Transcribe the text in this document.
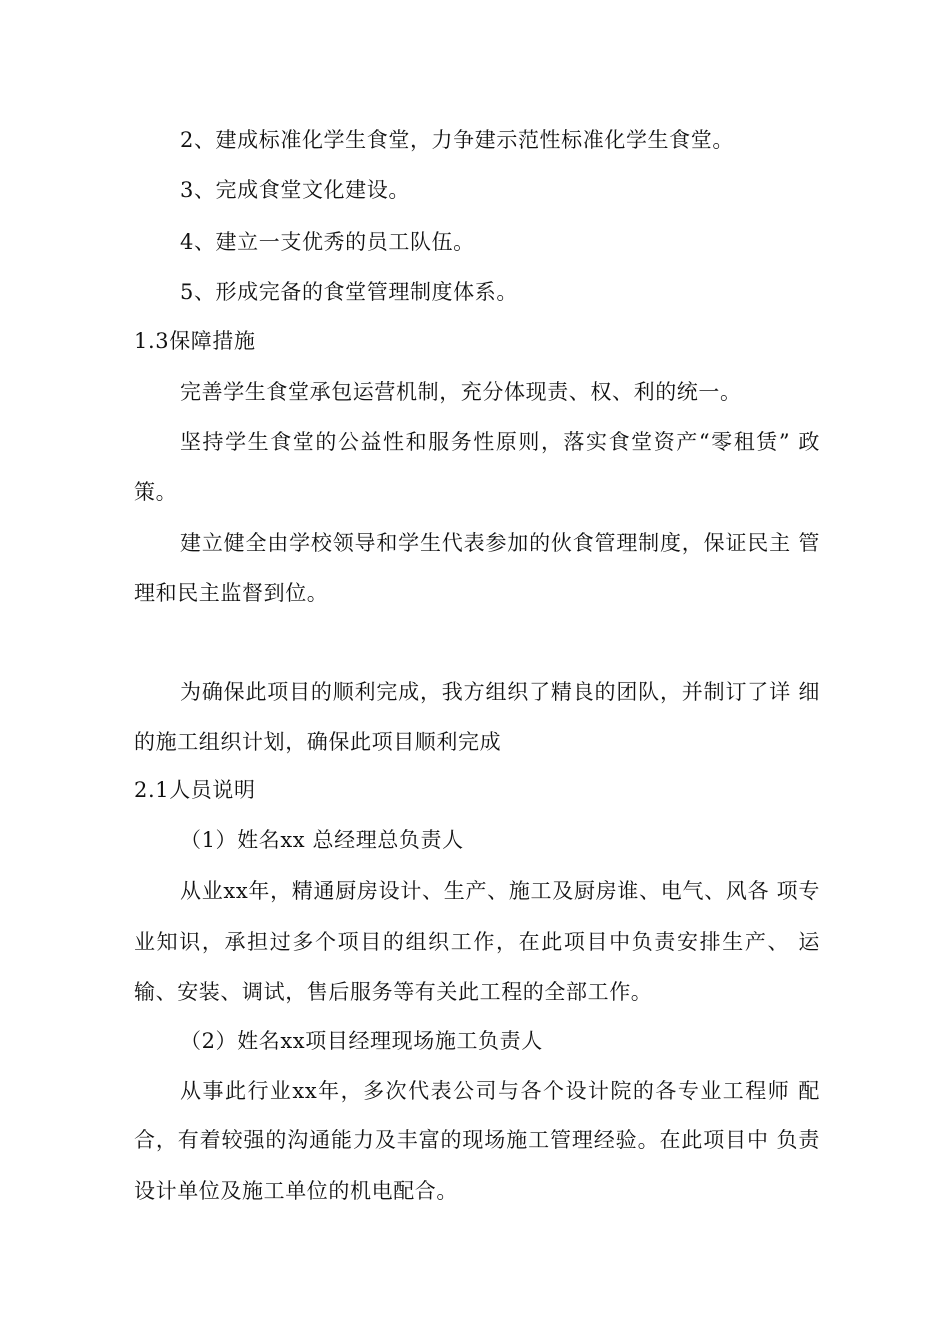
2、建成标准化学生食堂，力争建示范性标准化学生食堂。

3、完成食堂文化建设。

4、建立一支优秀的员工队伍。

5、形成完备的食堂管理制度体系。

1.3保障措施

完善学生食堂承包运营机制，充分体现责、权、利的统一。

坚持学生食堂的公益性和服务性原则，落实食堂资产“零租赁” 政

策。

建立健全由学校领导和学生代表参加的伙食管理制度，保证民主 管

理和民主监督到位。

为确保此项目的顺利完成，我方组织了精良的团队，并制订了详 细

的施工组织计划，确保此项目顺利完成

2.1人员说明

（1）姓名xx 总经理总负责人

从业xx年，精通厨房设计、生产、施工及厨房谁、电气、风各 项专

业知识，承担过多个项目的组织工作，在此项目中负责安排生产、 运

输、安装、调试，售后服务等有关此工程的全部工作。

（2）姓名xx项目经理现场施工负责人

从事此行业xx年，多次代表公司与各个设计院的各专业工程师 配

合，有着较强的沟通能力及丰富的现场施工管理经验。在此项目中 负责

设计单位及施工单位的机电配合。
